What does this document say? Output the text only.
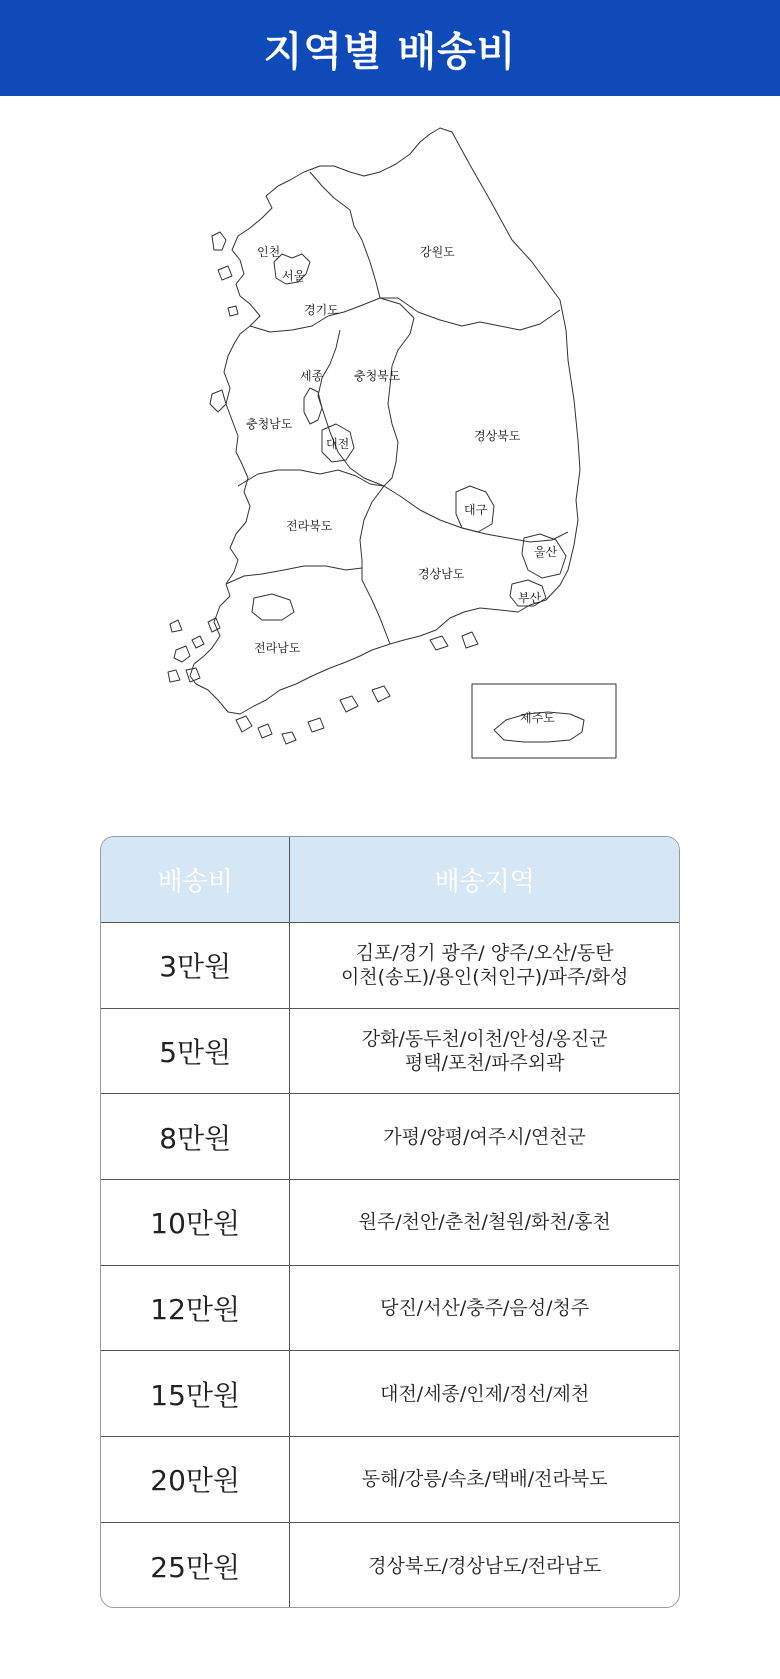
지역별 배송비
인천
서울
경기도
강원도
세종	충청북도
충청남도
대전
경상북도
대구
전라북도
울산
경상남도
부산
전라남도
제주도
배송비	배송지역
3만원	김포/경기 광주/ 양주/오산/동탄
이천(송도)/용인(처인구)/파주/화성
5만원	강화/동두천/이천/안성/옹진군
평택/포천/파주외곽
8만원	가평/양평/여주시/연천군
10만원	원주/천안/춘천/철원/화천/홍천
12만원	당진/서산/충주/음성/청주
15만원	대전/세종/인제/정선/제천
20만원	동해/강릉/속초/택배/전라북도
25만원	경상북도/경상남도/전라남도
